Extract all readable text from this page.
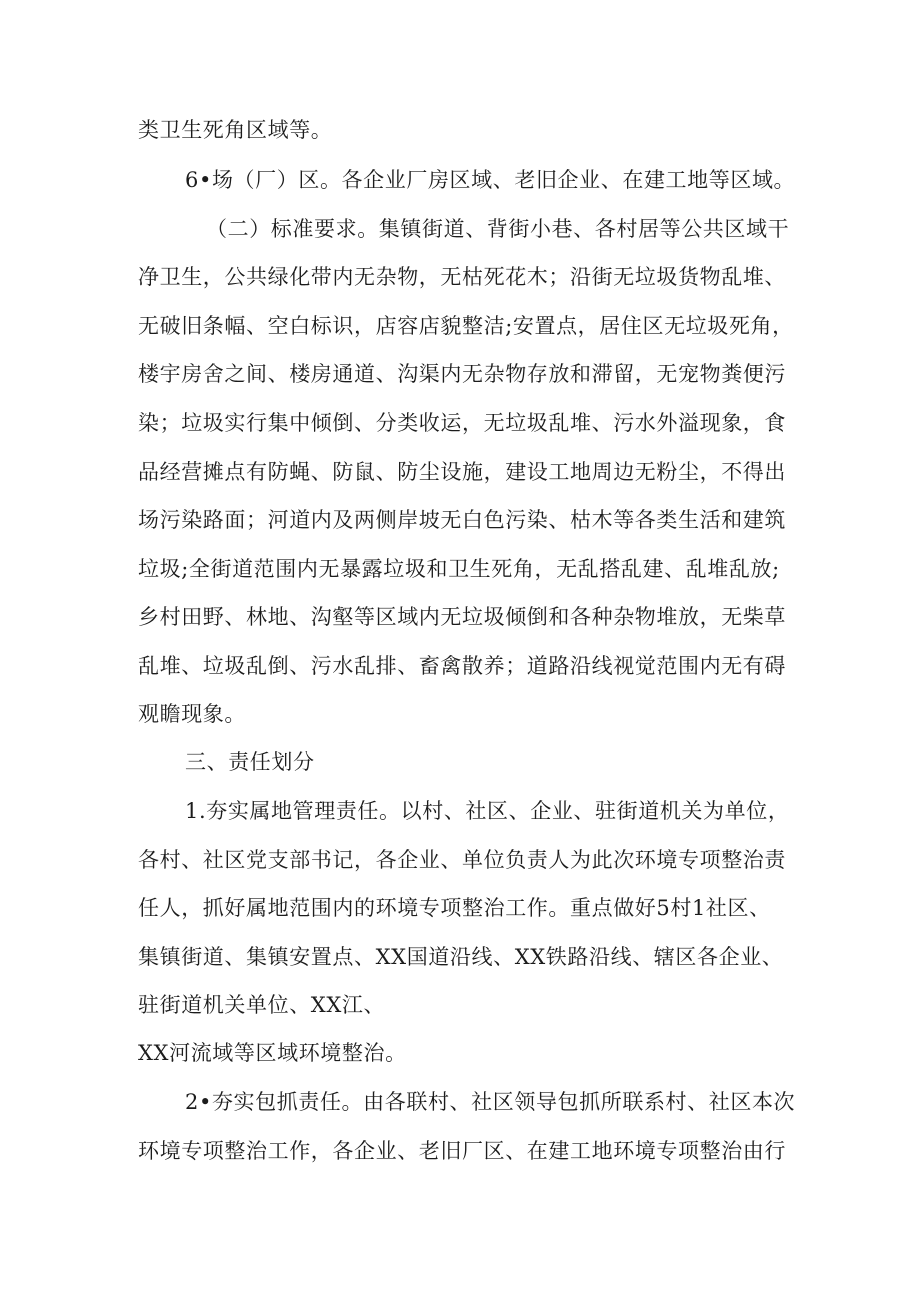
类卫生死角区域等。

6•场（厂）区。各企业厂房区域、老旧企业、在建工地等区域。

（二）标准要求。集镇街道、背街小巷、各村居等公共区域干

净卫生，公共绿化带内无杂物，无枯死花木；沿街无垃圾货物乱堆、

无破旧条幅、空白标识，店容店貌整洁;安置点，居住区无垃圾死角，

楼宇房舍之间、楼房通道、沟渠内无杂物存放和滞留，无宠物粪便污

染；垃圾实行集中倾倒、分类收运，无垃圾乱堆、污水外溢现象，食

品经营摊点有防蝇、防鼠、防尘设施，建设工地周边无粉尘，不得出

场污染路面；河道内及两侧岸坡无白色污染、枯木等各类生活和建筑

垃圾;全街道范围内无暴露垃圾和卫生死角，无乱搭乱建、乱堆乱放;

乡村田野、林地、沟壑等区域内无垃圾倾倒和各种杂物堆放，无柴草

乱堆、垃圾乱倒、污水乱排、畜禽散养；道路沿线视觉范围内无有碍

观瞻现象。

三、责任划分

1.夯实属地管理责任。以村、社区、企业、驻街道机关为单位，

各村、社区党支部书记，各企业、单位负责人为此次环境专项整治责

任人，抓好属地范围内的环境专项整治工作。重点做好5村1社区、

集镇街道、集镇安置点、XX国道沿线、XX铁路沿线、辖区各企业、

驻街道机关单位、XX江、

XX河流域等区域环境整治。

2•夯实包抓责任。由各联村、社区领导包抓所联系村、社区本次

环境专项整治工作，各企业、老旧厂区、在建工地环境专项整治由行
